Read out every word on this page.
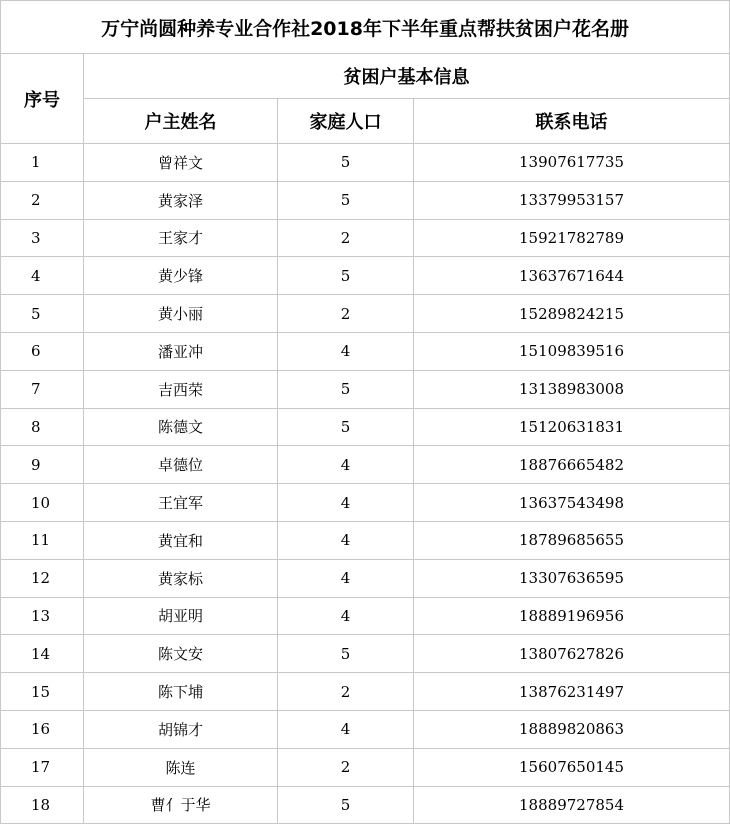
万宁尚圆种养专业合作社2018年下半年重点帮扶贫困户花名册			
序号	贫困户基本信息		
	户主姓名	家庭人口	联系电话
1	曾祥文	5	13907617735
2	黄家泽	5	13379953157
3	王家才	2	15921782789
4	黄少锋	5	13637671644
5	黄小丽	2	15289824215
6	潘亚冲	4	15109839516
7	吉西荣	5	13138983008
8	陈德文	5	15120631831
9	卓德位	4	18876665482
10	王宜军	4	13637543498
11	黄宜和	4	18789685655
12	黄家标	4	13307636595
13	胡亚明	4	18889196956
14	陈文安	5	13807627826
15	陈下埔	2	13876231497
16	胡锦才	4	18889820863
17	陈连	2	15607650145
18	曹亻于华	5	18889727854
